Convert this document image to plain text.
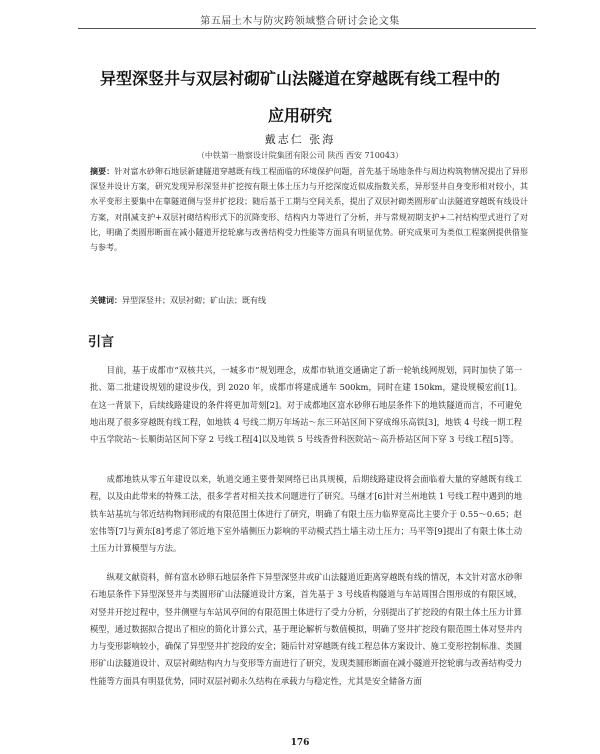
第五届土木与防灾跨领域整合研讨会论文集
异型深竖井与双层衬砌矿山法隧道在穿越既有线工程中的
应用研究
戴志仁 张海
（中铁第一勘察设计院集团有限公司 陕西 西安 710043）
摘要：针对富水砂卵石地层新建隧道穿越既有线工程面临的环境保护问题，首先基于场地条件与周边构筑物情况提出了异形深竖井设计方案，研究发现异形深竖井扩挖按有限土体土压力与开挖深度近似成指数关系，异形竖井自身变形相对较小，其水平变形主要集中在靠隧道侧与竖井扩挖段；随后基于工期与空间关系，提出了双层衬砌类圆形矿山法隧道穿越既有线设计方案，对削减支护+双层衬砌结构形式下的沉降变形、结构内力等进行了分析，并与常规初期支护+二衬结构型式进行了对比，明确了类圆形断面在减小隧道开挖轮廓与改善结构受力性能等方面具有明显优势。研究成果可为类似工程案例提供借鉴与参考。
关键词：异型深竖井；双层衬砌；矿山法；既有线
引言

目前，基于成都市“双核共兴，一城多市”规划理念，成都市轨道交通确定了新一轮轨线网规划，同时加快了第一批、第二批建设规划的建设步伐，到 2020 年，成都市将建成通车 500km，同时在建 150km，建设规模宏前[1]。在这一背景下，后续线路建设的条件将更加苛刻[2]。对于成都地区富水砂卵石地层条件下的地铁隧道而言，不可避免地出现了很多穿越既有线工程，如地铁 4 号线二期万年场站～东三环站区间下穿成绵乐高铁[3]，地铁 4 号线一期工程中五学院站～长顺街站区间下穿 2 号线工程[4]以及地铁 5 号线香骨科医院站～高升桥站区间下穿 3 号线工程[5]等。

成都地铁从零五年建设以来，轨道交通主要骨架网络已出具规模，后期线路建设将会面临着大量的穿越既有线工程，以及由此带来的特殊工法，很多学者对相关技术问题进行了研究。马继才[6]针对兰州地铁 1 号线工程中遇到的地铁车站基坑与邻近结构物间形成的有限范围土体进行了研究，明确了有限土压力临界宽高比主要介于 0.55～0.65；赵宏伟等[7]与黄东[8]考虑了邻近地下室外墙侧压力影响的平动模式挡土墙主动土压力；马平等[9]提出了有限土体土动土压力计算模型与方法。

纵观文献资料，鲜有富水砂卵石地层条件下异型深竖井或矿山法隧道近距离穿越既有线的情况，本文针对富水砂卵石地层条件下异型深竖井与类圆形矿山法隧道设计方案，首先基于 3 号线盾构隧道与车站周围合围形成的有限区域，对竖井开挖过程中，竖井侧壁与车站风亭间的有限范围土体进行了受力分析，分别提出了扩挖段的有限土体土压力计算模型，通过数据拟合提出了相应的简化计算公式，基于理论解析与数值模拟，明确了竖井扩挖段有限范围土体对竖井内力与变形影响较小，确保了异型竖井扩挖段的安全；随后针对穿越既有线工程总体方案设计、施工变形控制标准、类圆形矿山法隧道设计、双层衬砌结构内力与变形等方面进行了研究，发现类圆形断面在减小隧道开挖轮廓与改善结构受力性能等方面具有明显优势，同时双层衬砌永久结构在承载力与稳定性，尤其是安全储备方面

176
